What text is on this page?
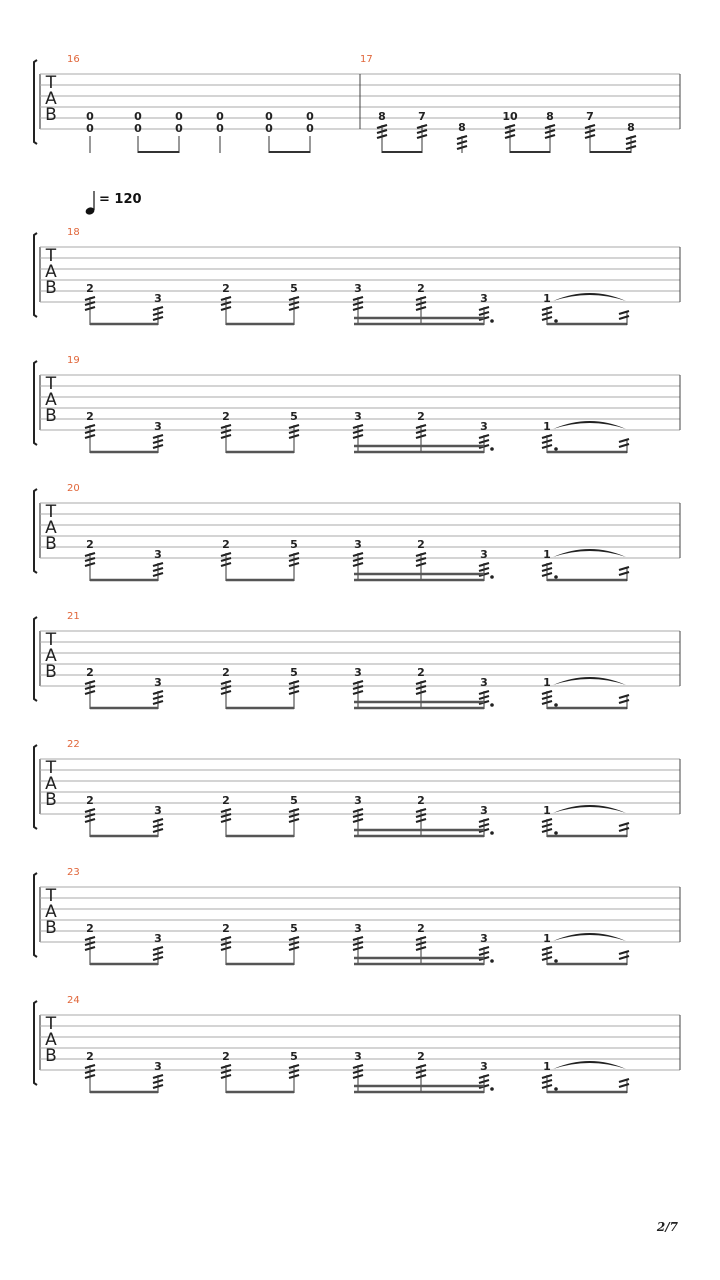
T
A
B
16	17
0
0
0
0
0
0
0
0
0
0
0
0
8	7
8
10	8	7
8
T
A
B
18
2
3
2	5	3	2
3	1
T
A
B
19
2
3
2	5	3	2
3	1
T
A
B
20
2
3
2	5	3	2
3	1
T
A
B
21
2
3
2	5	3	2
3	1
T
A
B
22
2
3
2	5	3	2
3	1
T
A
B
23
2
3
2	5	3	2
3	1
T
A
B
24
2
3
2	5	3	2
3	1
= 120
2/7
